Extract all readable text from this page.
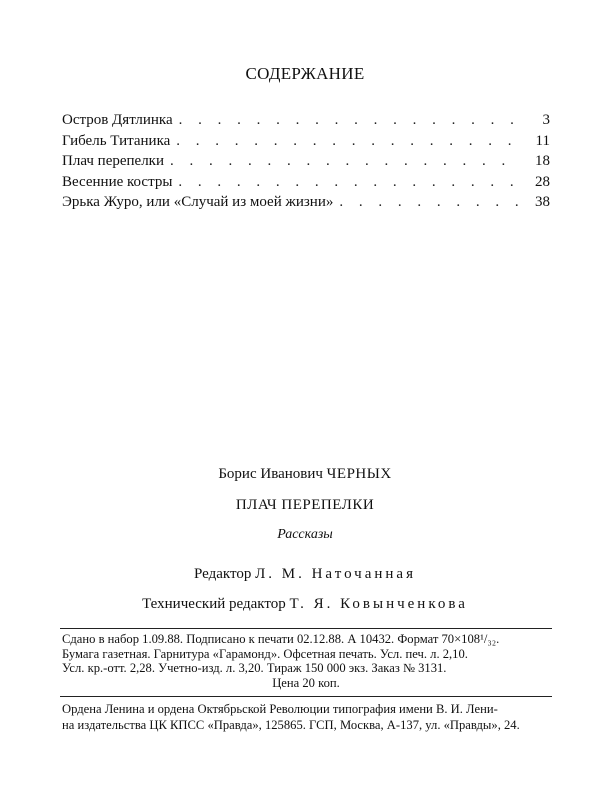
СОДЕРЖАНИЕ
Остров Дятлинка . . .	3
Гибель Титаника . . .	11
Плач перепелки . . .	18
Весенние костры . . .	28
Эрька Журо, или «Случай из моей жизни» . . .	38
Борис Иванович ЧЕРНЫХ
ПЛАЧ ПЕРЕПЕЛКИ
Рассказы
Редактор Л. М. Наточанная
Технический редактор Т. Я. Ковынченкова
Сдано в набор 1.09.88. Подписано к печати 02.12.88. А 10432. Формат 70×108¹/₃₂.
Бумага газетная. Гарнитура «Гарамонд». Офсетная печать. Усл. печ. л. 2,10.
Усл. кр.-отт. 2,28. Учетно-изд. л. 3,20. Тираж 150 000 экз. Заказ № 3131.
Цена 20 коп.
Ордена Ленина и ордена Октябрьской Революции типография имени В. И. Лени-
на издательства ЦК КПСС «Правда», 125865. ГСП, Москва, А-137, ул. «Правды», 24.
